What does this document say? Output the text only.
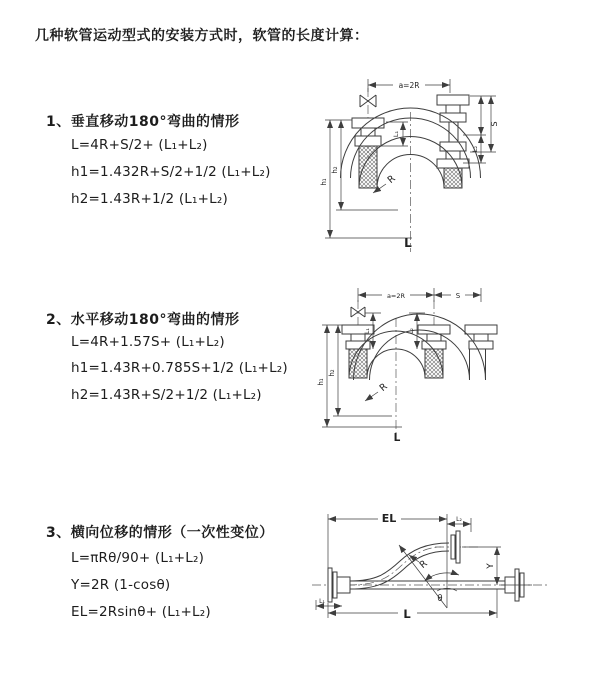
几种软管运动型式的安装方式时，软管的长度计算：
1、垂直移动180°弯曲的情形
L=4R+S/2+ (L₁+L₂)
h1=1.432R+S/2+1/2 (L₁+L₂)
h2=1.43R+1/2 (L₁+L₂)
2、水平移动180°弯曲的情形
L=4R+1.57S+ (L₁+L₂)
h1=1.43R+0.785S+1/2 (L₁+L₂)
h2=1.43R+S/2+1/2 (L₁+L₂)
3、横向位移的情形（一次性变位）
L=πRθ/90+ (L₁+L₂)
Y=2R (1-cosθ)
EL=2Rsinθ+ (L₁+L₂)
a=2R
S
L₂
L₁
h₁
h₂
R
L
a=2R	S
L₁	L₂
h₁
h₂
R
L
EL	L₂
Y
L
L₁
R
θ
